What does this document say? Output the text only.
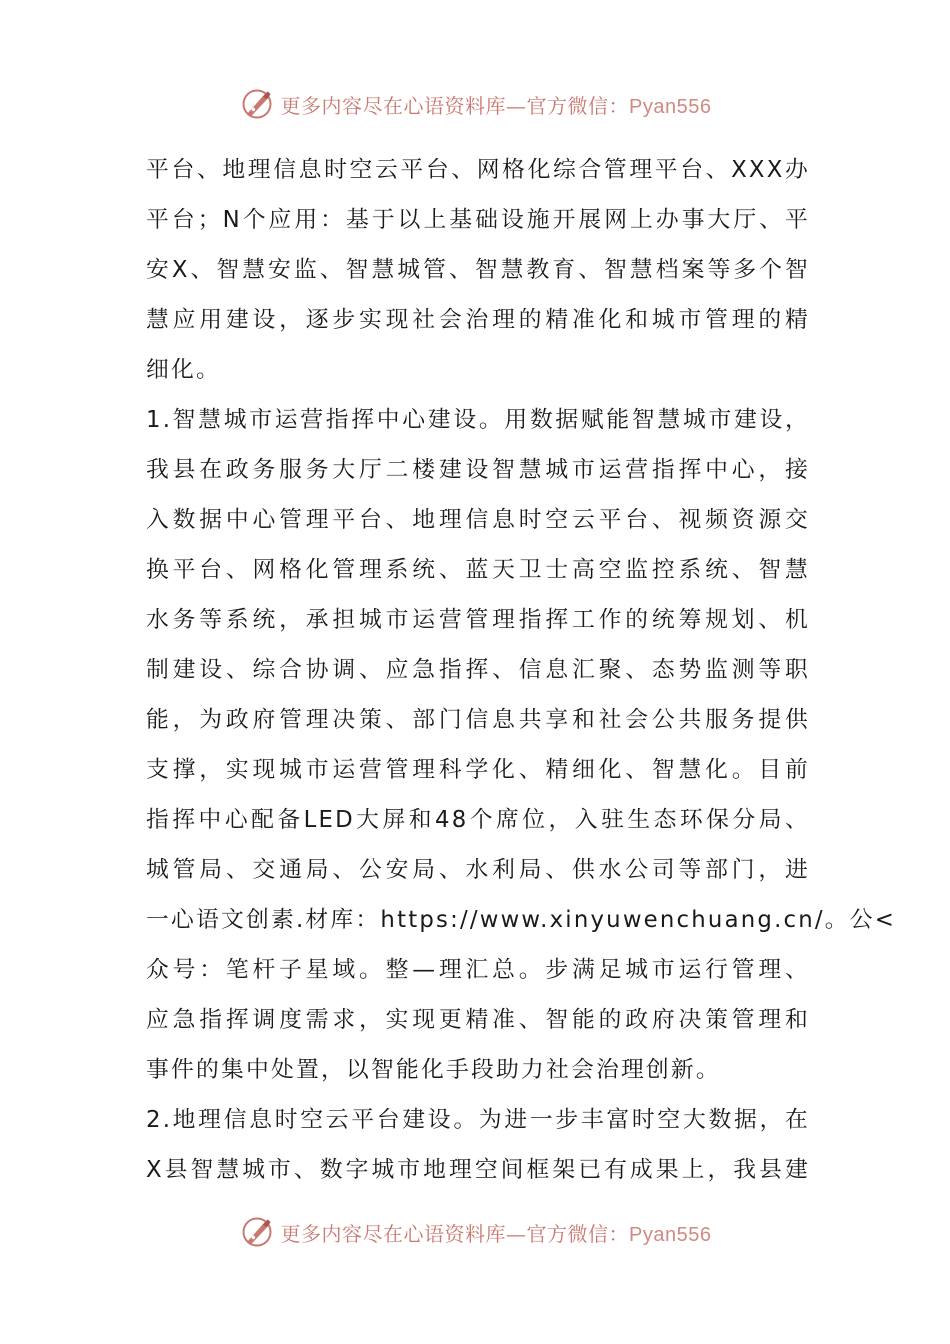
更多内容尽在心语资料库—官方微信：Pyan556
平台、地理信息时空云平台、网格化综合管理平台、XXX办
平台；N个应用：基于以上基础设施开展网上办事大厅、平
安X、智慧安监、智慧城管、智慧教育、智慧档案等多个智
慧应用建设，逐步实现社会治理的精准化和城市管理的精
细化。
1.智慧城市运营指挥中心建设。用数据赋能智慧城市建设，
我县在政务服务大厅二楼建设智慧城市运营指挥中心，接
入数据中心管理平台、地理信息时空云平台、视频资源交
换平台、网格化管理系统、蓝天卫士高空监控系统、智慧
水务等系统，承担城市运营管理指挥工作的统筹规划、机
制建设、综合协调、应急指挥、信息汇聚、态势监测等职
能，为政府管理决策、部门信息共享和社会公共服务提供
支撑，实现城市运营管理科学化、精细化、智慧化。目前
指挥中心配备LED大屏和48个席位，入驻生态环保分局、
城管局、交通局、公安局、水利局、供水公司等部门，进
一心语文创素.材库：https://www.xinyuwenchuang.cn/。公<
众号：笔杆子星域。整—理汇总。步满足城市运行管理、
应急指挥调度需求，实现更精准、智能的政府决策管理和
事件的集中处置，以智能化手段助力社会治理创新。
2.地理信息时空云平台建设。为进一步丰富时空大数据，在
X县智慧城市、数字城市地理空间框架已有成果上，我县建
更多内容尽在心语资料库—官方微信：Pyan556
